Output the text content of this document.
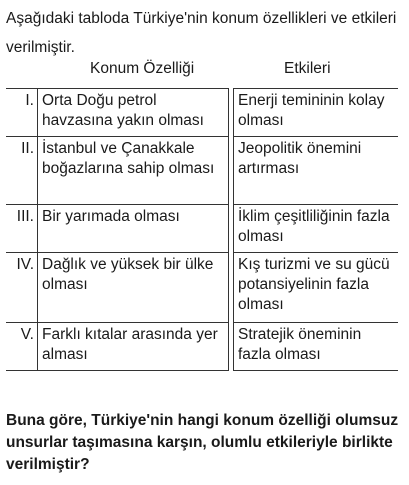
Aşağıdaki tabloda Türkiye'nin konum özellikleri ve etkileri verilmiştir.
Konum Özelliği	Etkileri
I.	Orta Doğu petrol havzasına yakın olması		Enerji temininin kolay olması
II.	İstanbul ve Çanakkale boğazlarına sahip olması		Jeopolitik önemini artırması
III.	Bir yarımada olması		İklim çeşitliliğinin fazla olması
IV.	Dağlık ve yüksek bir ülke olması		Kış turizmi ve su gücü potansiyelinin fazla olması
V.	Farklı kıtalar arasında yer alması		Stratejik öneminin fazla olması
Buna göre, Türkiye'nin hangi konum özelliği olumsuz unsurlar taşımasına karşın, olumlu etkileriyle birlikte verilmiştir?
